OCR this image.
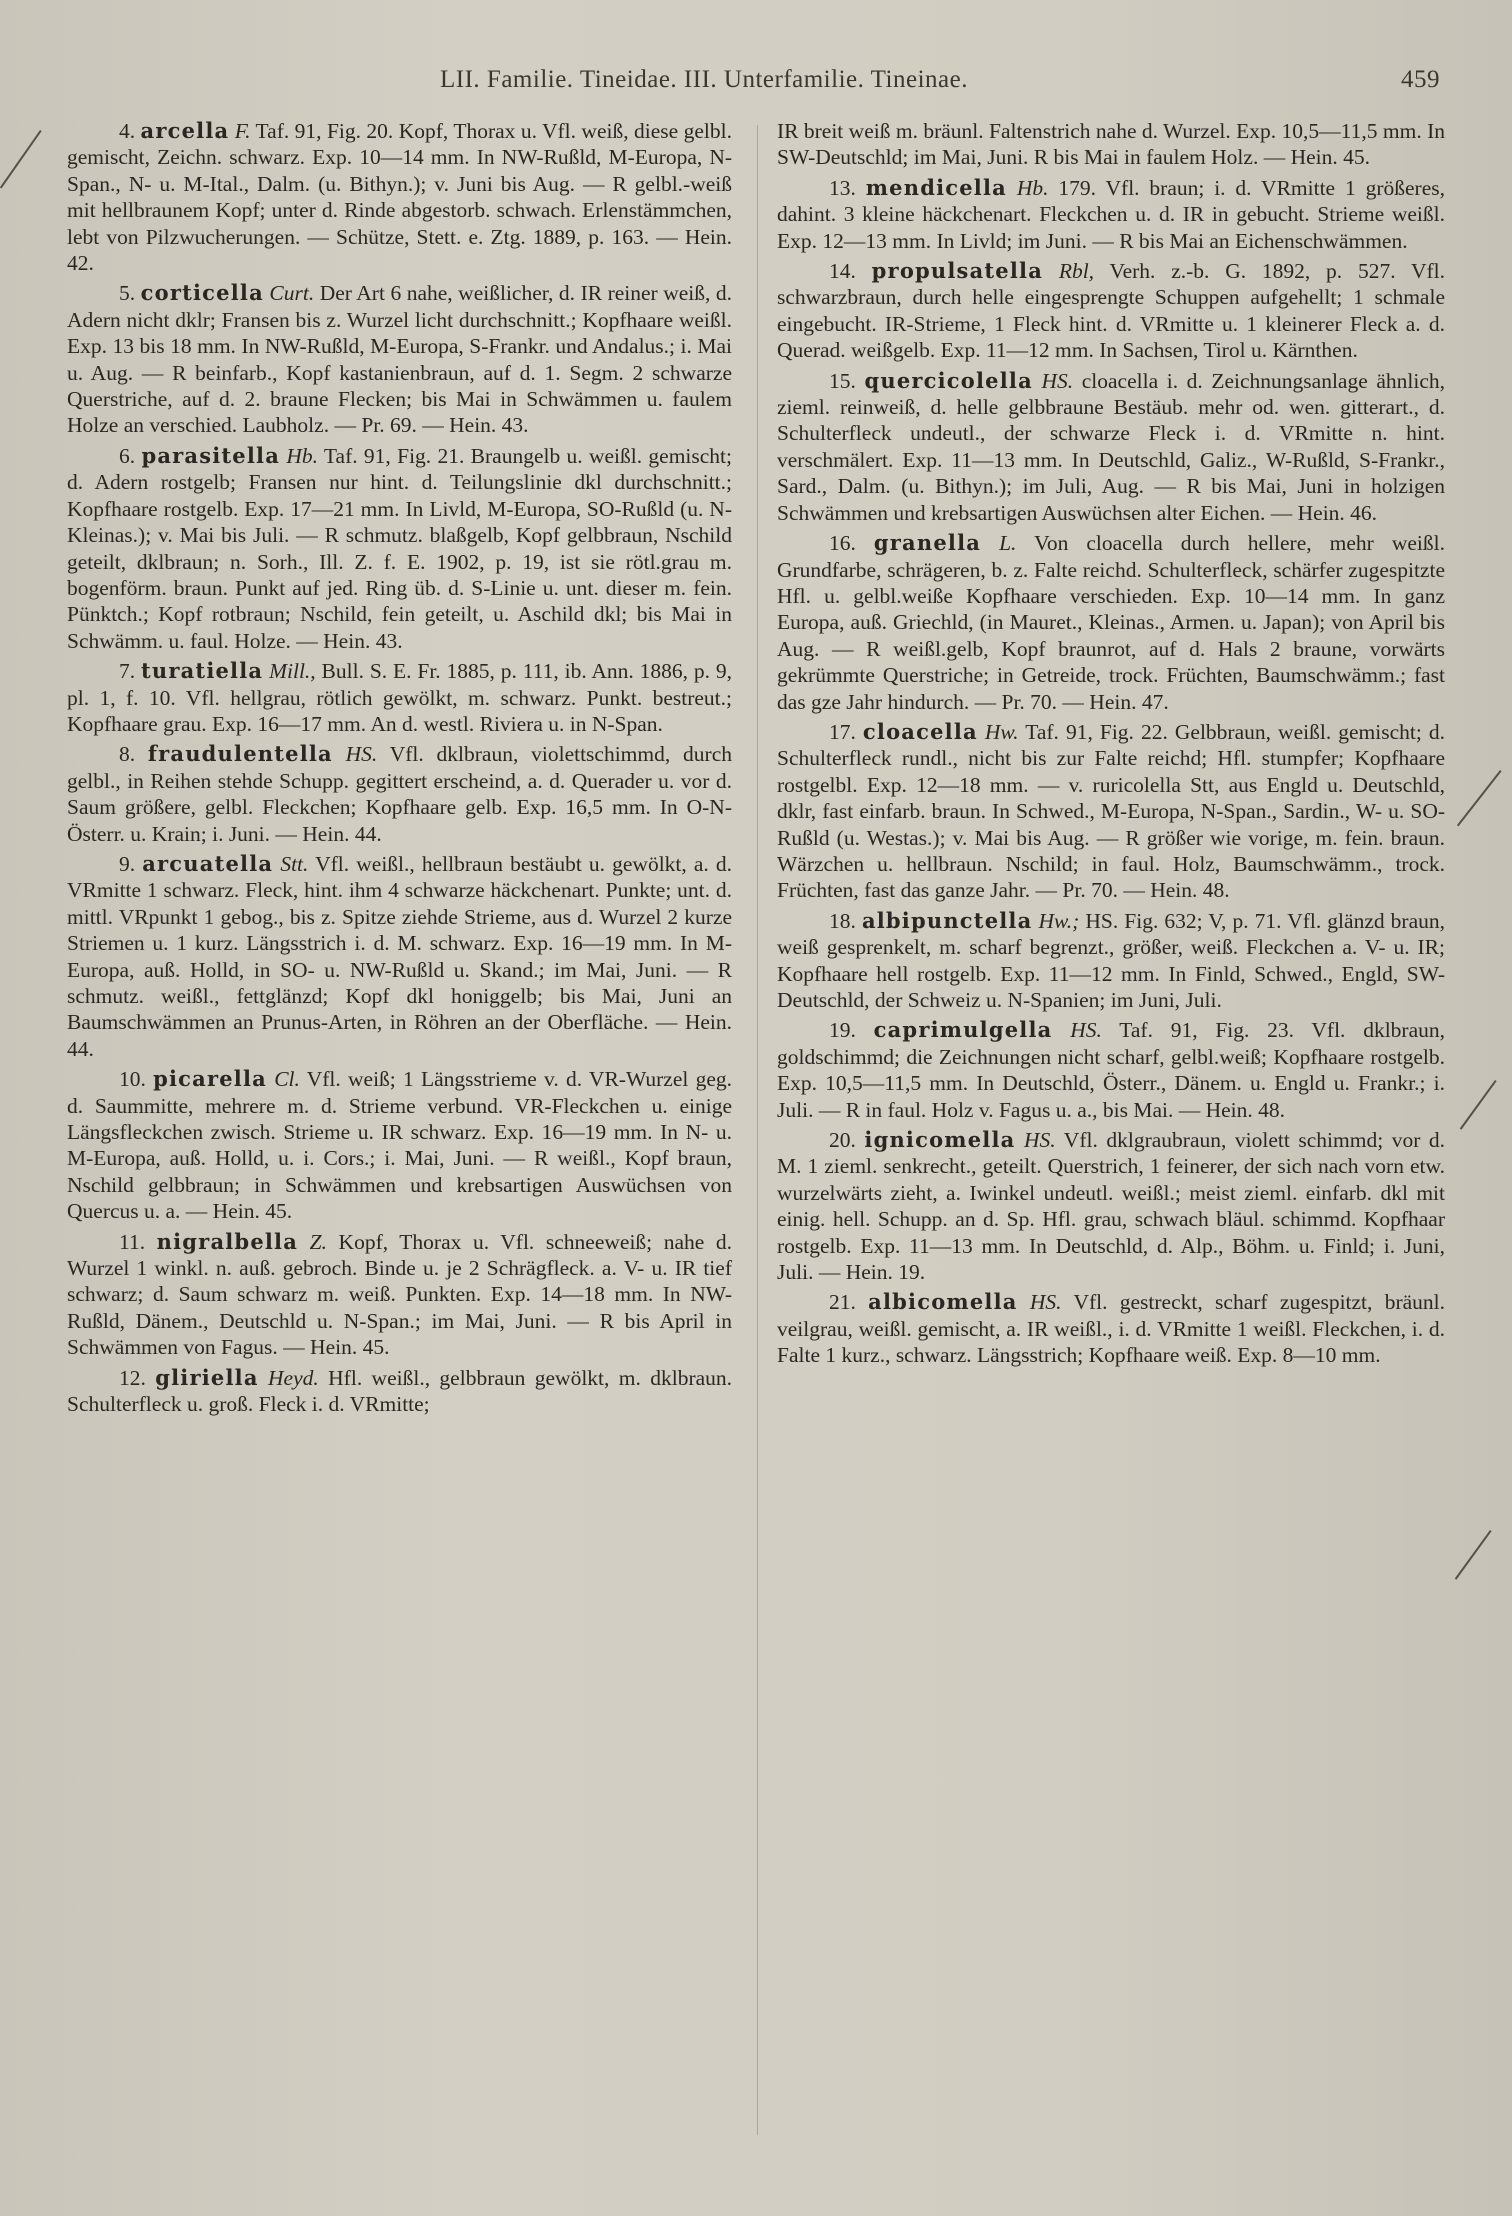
LII. Familie. Tineidae. III. Unterfamilie. Tineinae.	459
4. arcella F. Taf. 91, Fig. 20. Kopf, Thorax u. Vfl. weiß, diese gelbl. gemischt, Zeichn. schwarz. Exp. 10—14 mm. In NW-Rußld, M-Europa, N-Span., N- u. M-Ital., Dalm. (u. Bithyn.); v. Juni bis Aug. — R gelbl.-weiß mit hellbraunem Kopf; unter d. Rinde abgestorb. schwach. Erlenstämmchen, lebt von Pilzwucherungen. — Schütze, Stett. e. Ztg. 1889, p. 163. — Hein. 42.
5. corticella Curt. Der Art 6 nahe, weißlicher, d. IR reiner weiß, d. Adern nicht dklr; Fransen bis z. Wurzel licht durchschnitt.; Kopfhaare weißl. Exp. 13 bis 18 mm. In NW-Rußld, M-Europa, S-Frankr. und Andalus.; i. Mai u. Aug. — R beinfarb., Kopf kastanienbraun, auf d. 1. Segm. 2 schwarze Querstriche, auf d. 2. braune Flecken; bis Mai in Schwämmen u. faulem Holze an verschied. Laubholz. — Pr. 69. — Hein. 43.
6. parasitella Hb. Taf. 91, Fig. 21. Braungelb u. weißl. gemischt; d. Adern rostgelb; Fransen nur hint. d. Teilungslinie dkl durchschnitt.; Kopfhaare rostgelb. Exp. 17—21 mm. In Livld, M-Europa, SO-Rußld (u. N-Kleinas.); v. Mai bis Juli. — R schmutz. blaßgelb, Kopf gelbbraun, Nschild geteilt, dklbraun; n. Sorh., Ill. Z. f. E. 1902, p. 19, ist sie rötl.grau m. bogenförm. braun. Punkt auf jed. Ring üb. d. S-Linie u. unt. dieser m. fein. Pünktch.; Kopf rotbraun; Nschild, fein geteilt, u. Aschild dkl; bis Mai in Schwämm. u. faul. Holze. — Hein. 43.
7. turatiella Mill., Bull. S. E. Fr. 1885, p. 111, ib. Ann. 1886, p. 9, pl. 1, f. 10. Vfl. hellgrau, rötlich gewölkt, m. schwarz. Punkt. bestreut.; Kopfhaare grau. Exp. 16—17 mm. An d. westl. Riviera u. in N-Span.
8. fraudulentella HS. Vfl. dklbraun, violettschimmd, durch gelbl., in Reihen stehde Schupp. gegittert erscheind, a. d. Querader u. vor d. Saum größere, gelbl. Fleckchen; Kopfhaare gelb. Exp. 16,5 mm. In O-N-Österr. u. Krain; i. Juni. — Hein. 44.
9. arcuatella Stt. Vfl. weißl., hellbraun bestäubt u. gewölkt, a. d. VRmitte 1 schwarz. Fleck, hint. ihm 4 schwarze häckchenart. Punkte; unt. d. mittl. VRpunkt 1 gebog., bis z. Spitze ziehde Strieme, aus d. Wurzel 2 kurze Striemen u. 1 kurz. Längsstrich i. d. M. schwarz. Exp. 16—19 mm. In M-Europa, auß. Holld, in SO- u. NW-Rußld u. Skand.; im Mai, Juni. — R schmutz. weißl., fettglänzd; Kopf dkl honiggelb; bis Mai, Juni an Baumschwämmen an Prunus-Arten, in Röhren an der Oberfläche. — Hein. 44.
10. picarella Cl. Vfl. weiß; 1 Längsstrieme v. d. VR-Wurzel geg. d. Saummitte, mehrere m. d. Strieme verbund. VR-Fleckchen u. einige Längsfleckchen zwisch. Strieme u. IR schwarz. Exp. 16—19 mm. In N- u. M-Europa, auß. Holld, u. i. Cors.; i. Mai, Juni. — R weißl., Kopf braun, Nschild gelbbraun; in Schwämmen und krebsartigen Auswüchsen von Quercus u. a. — Hein. 45.
11. nigralbella Z. Kopf, Thorax u. Vfl. schneeweiß; nahe d. Wurzel 1 winkl. n. auß. gebroch. Binde u. je 2 Schrägfleck. a. V- u. IR tief schwarz; d. Saum schwarz m. weiß. Punkten. Exp. 14—18 mm. In NW-Rußld, Dänem., Deutschld u. N-Span.; im Mai, Juni. — R bis April in Schwämmen von Fagus. — Hein. 45.
12. gliriella Heyd. Hfl. weißl., gelbbraun gewölkt, m. dklbraun. Schulterfleck u. groß. Fleck i. d. VRmitte;
IR breit weiß m. bräunl. Faltenstrich nahe d. Wurzel. Exp. 10,5—11,5 mm. In SW-Deutschld; im Mai, Juni. R bis Mai in faulem Holz. — Hein. 45.
13. mendicella Hb. 179. Vfl. braun; i. d. VRmitte 1 größeres, dahint. 3 kleine häckchenart. Fleckchen u. d. IR in gebucht. Strieme weißl. Exp. 12—13 mm. In Livld; im Juni. — R bis Mai an Eichenschwämmen.
14. propulsatella Rbl, Verh. z.-b. G. 1892, p. 527. Vfl. schwarzbraun, durch helle eingesprengte Schuppen aufgehellt; 1 schmale eingebucht. IR-Strieme, 1 Fleck hint. d. VRmitte u. 1 kleinerer Fleck a. d. Querad. weißgelb. Exp. 11—12 mm. In Sachsen, Tirol u. Kärnthen.
15. quercicolella HS. cloacella i. d. Zeichnungsanlage ähnlich, zieml. reinweiß, d. helle gelbbraune Bestäub. mehr od. wen. gitterart., d. Schulterfleck undeutl., der schwarze Fleck i. d. VRmitte n. hint. verschmälert. Exp. 11—13 mm. In Deutschld, Galiz., W-Rußld, S-Frankr., Sard., Dalm. (u. Bithyn.); im Juli, Aug. — R bis Mai, Juni in holzigen Schwämmen und krebsartigen Auswüchsen alter Eichen. — Hein. 46.
16. granella L. Von cloacella durch hellere, mehr weißl. Grundfarbe, schrägeren, b. z. Falte reichd. Schulterfleck, schärfer zugespitzte Hfl. u. gelbl.weiße Kopfhaare verschieden. Exp. 10—14 mm. In ganz Europa, auß. Griechld, (in Mauret., Kleinas., Armen. u. Japan); von April bis Aug. — R weißl.gelb, Kopf braunrot, auf d. Hals 2 braune, vorwärts gekrümmte Querstriche; in Getreide, trock. Früchten, Baumschwämm.; fast das gze Jahr hindurch. — Pr. 70. — Hein. 47.
17. cloacella Hw. Taf. 91, Fig. 22. Gelbbraun, weißl. gemischt; d. Schulterfleck rundl., nicht bis zur Falte reichd; Hfl. stumpfer; Kopfhaare rostgelbl. Exp. 12—18 mm. — v. ruricolella Stt, aus Engld u. Deutschld, dklr, fast einfarb. braun. In Schwed., M-Europa, N-Span., Sardin., W- u. SO-Rußld (u. Westas.); v. Mai bis Aug. — R größer wie vorige, m. fein. braun. Wärzchen u. hellbraun. Nschild; in faul. Holz, Baumschwämm., trock. Früchten, fast das ganze Jahr. — Pr. 70. — Hein. 48.
18. albipunctella Hw.; HS. Fig. 632; V, p. 71. Vfl. glänzd braun, weiß gesprenkelt, m. scharf begrenzt., größer, weiß. Fleckchen a. V- u. IR; Kopfhaare hell rostgelb. Exp. 11—12 mm. In Finld, Schwed., Engld, SW-Deutschld, der Schweiz u. N-Spanien; im Juni, Juli.
19. caprimulgella HS. Taf. 91, Fig. 23. Vfl. dklbraun, goldschimmd; die Zeichnungen nicht scharf, gelbl.weiß; Kopfhaare rostgelb. Exp. 10,5—11,5 mm. In Deutschld, Österr., Dänem. u. Engld u. Frankr.; i. Juli. — R in faul. Holz v. Fagus u. a., bis Mai. — Hein. 48.
20. ignicomella HS. Vfl. dklgraubraun, violett schimmd; vor d. M. 1 zieml. senkrecht., geteilt. Querstrich, 1 feinerer, der sich nach vorn etw. wurzelwärts zieht, a. Iwinkel undeutl. weißl.; meist zieml. einfarb. dkl mit einig. hell. Schupp. an d. Sp. Hfl. grau, schwach bläul. schimmd. Kopfhaar rostgelb. Exp. 11—13 mm. In Deutschld, d. Alp., Böhm. u. Finld; i. Juni, Juli. — Hein. 19.
21. albicomella HS. Vfl. gestreckt, scharf zugespitzt, bräunl. veilgrau, weißl. gemischt, a. IR weißl., i. d. VRmitte 1 weißl. Fleckchen, i. d. Falte 1 kurz., schwarz. Längsstrich; Kopfhaare weiß. Exp. 8—10 mm.
